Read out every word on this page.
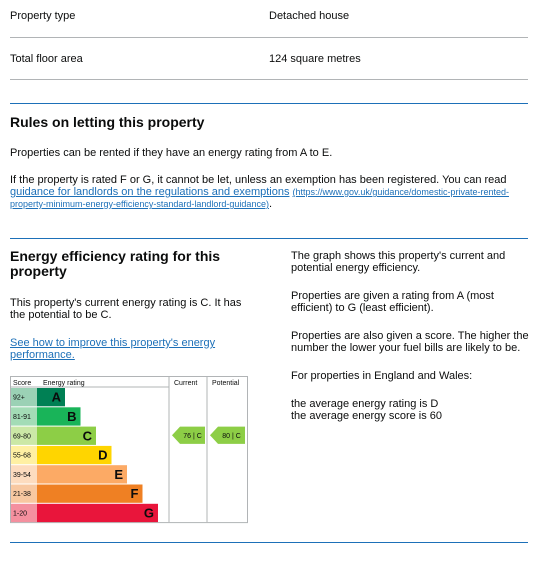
Property type	Detached house
Total floor area	124 square metres
Rules on letting this property
Properties can be rented if they have an energy rating from A to E.
If the property is rated F or G, it cannot be let, unless an exemption has been registered. You can read
guidance for landlords on the regulations and exemptions (https://www.gov.uk/guidance/domestic-private-rented-property-minimum-energy-efficiency-standard-landlord-guidance).
Energy efficiency rating for this
property
This property's current energy rating is C. It has
the potential to be C.
See how to improve this property's energy
performance.
The graph shows this property's current and
potential energy efficiency.
Properties are given a rating from A (most
efficient) to G (least efficient).
Properties are also given a score. The higher the
number the lower your fuel bills are likely to be.
For properties in England and Wales:
the average energy rating is D
the average energy score is 60
Score Energy rating	Current Potential
92+ A
81-91	B
69-80	C
55-68	D
39-54	E
21-38	F
1-20	G
76 | C	80 | C
